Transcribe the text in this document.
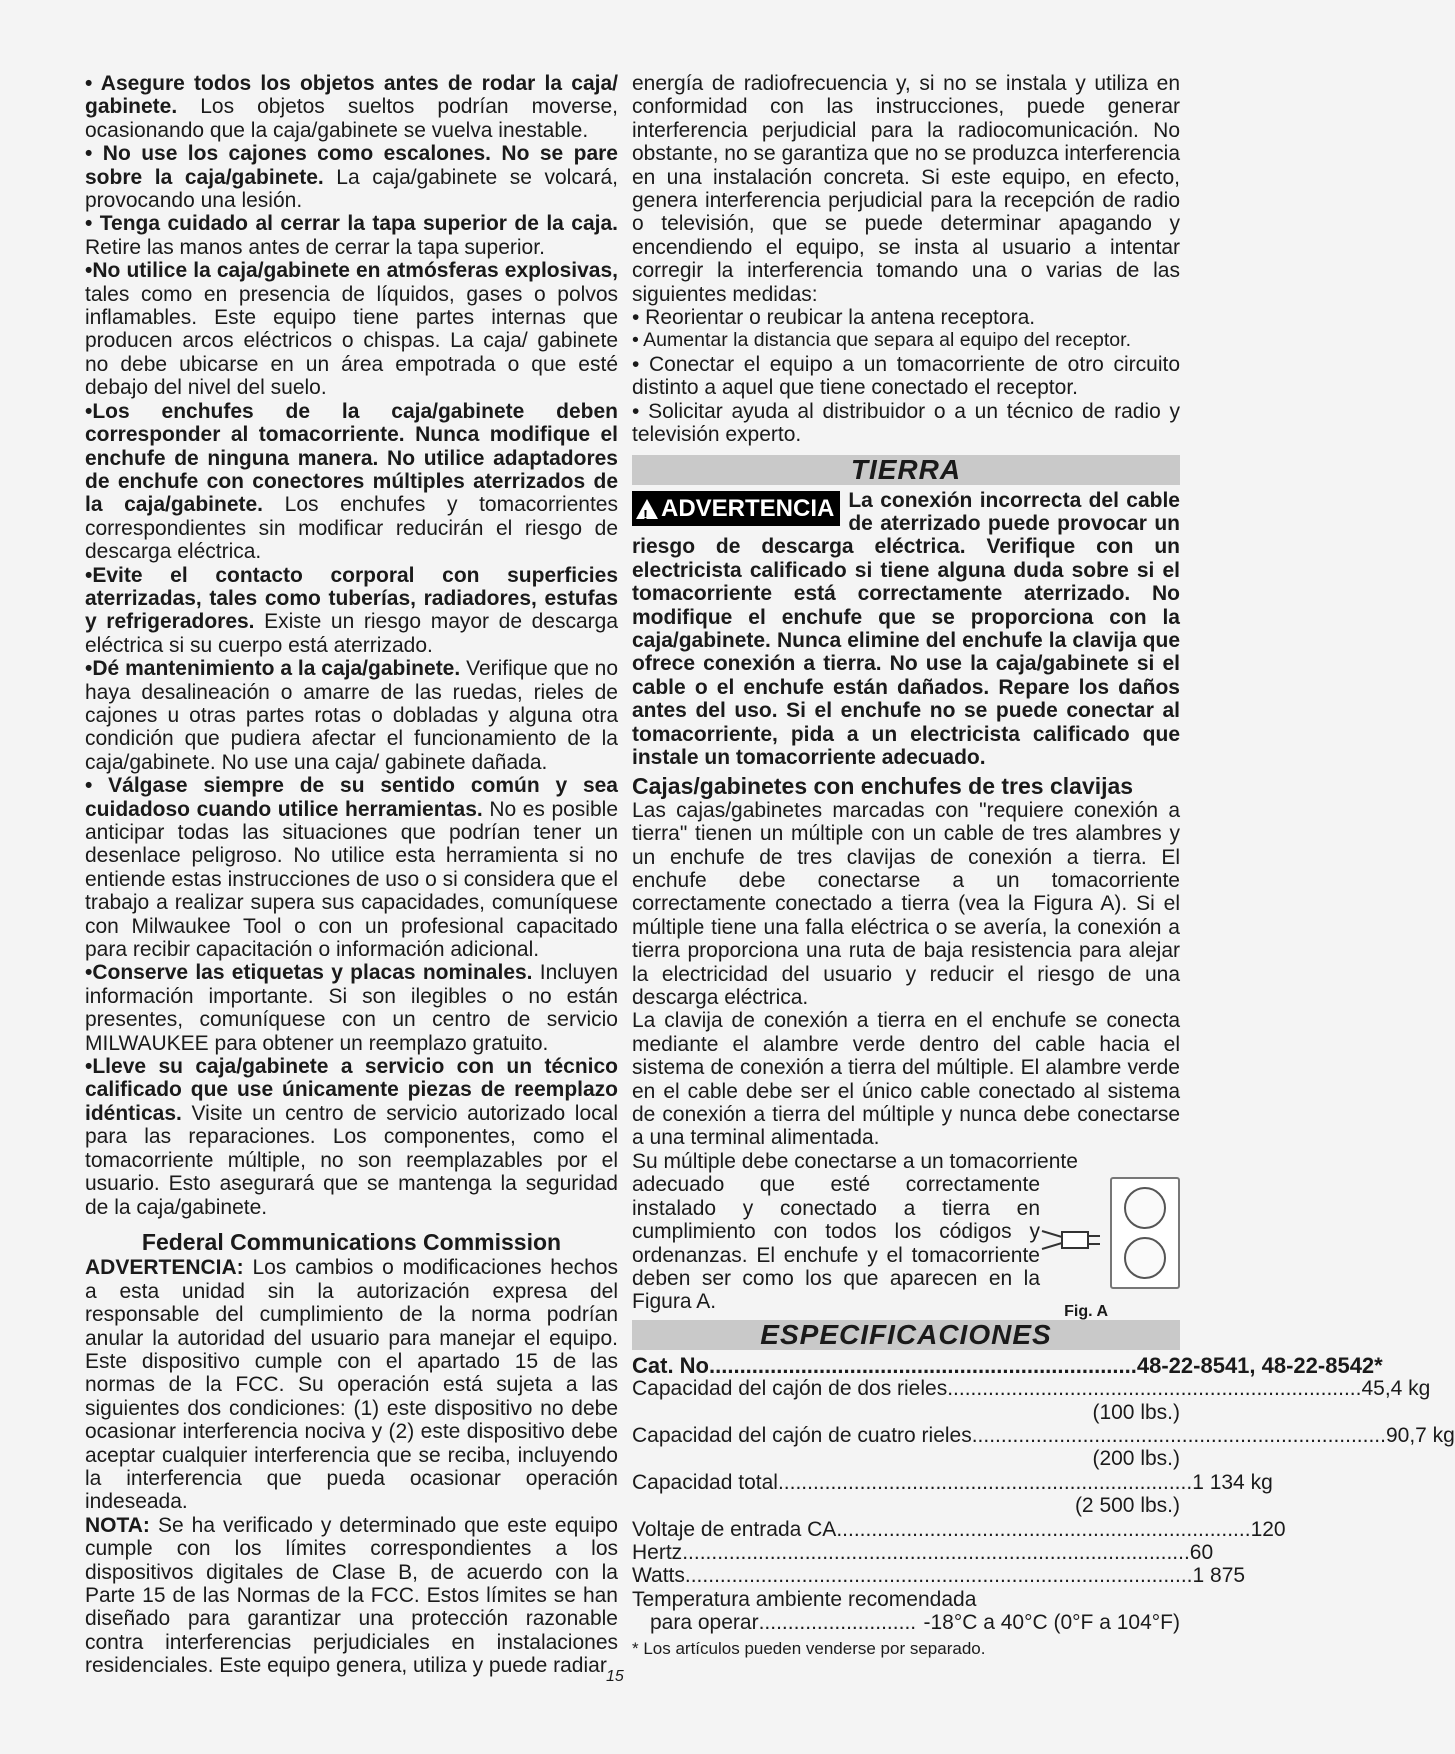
• Asegure todos los objetos antes de rodar la caja/ gabinete. Los objetos sueltos podrían moverse, ocasionando que la caja/gabinete se vuelva inestable.

• No use los cajones como escalones. No se pare sobre la caja/gabinete. La caja/gabinete se volcará, provocando una lesión.

• Tenga cuidado al cerrar la tapa superior de la caja. Retire las manos antes de cerrar la tapa superior.

•No utilice la caja/gabinete en atmósferas explosivas, tales como en presencia de líquidos, gases o polvos inflamables. Este equipo tiene partes internas que producen arcos eléctricos o chispas. La caja/ gabinete no debe ubicarse en un área empotrada o que esté debajo del nivel del suelo.

•Los enchufes de la caja/gabinete deben corresponder al tomacorriente. Nunca modifique el enchufe de ninguna manera. No utilice adaptadores de enchufe con conectores múltiples aterrizados de la caja/gabinete. Los enchufes y tomacorrientes correspondientes sin modificar reducirán el riesgo de descarga eléctrica.

•Evite el contacto corporal con superficies aterrizadas, tales como tuberías, radiadores, estufas y refrigeradores. Existe un riesgo mayor de descarga eléctrica si su cuerpo está aterrizado.

•Dé mantenimiento a la caja/gabinete. Verifique que no haya desalineación o amarre de las ruedas, rieles de cajones u otras partes rotas o dobladas y alguna otra condición que pudiera afectar el funcionamiento de la caja/gabinete. No use una caja/ gabinete dañada.

• Válgase siempre de su sentido común y sea cuidadoso cuando utilice herramientas. No es posible anticipar todas las situaciones que podrían tener un desenlace peligroso. No utilice esta herramienta si no entiende estas instrucciones de uso o si considera que el trabajo a realizar supera sus capacidades, comuníquese con Milwaukee Tool o con un profesional capacitado para recibir capacitación o información adicional.

•Conserve las etiquetas y placas nominales. Incluyen información importante. Si son ilegibles o no están presentes, comuníquese con un centro de servicio MILWAUKEE para obtener un reemplazo gratuito.

•Lleve su caja/gabinete a servicio con un técnico calificado que use únicamente piezas de reemplazo idénticas. Visite un centro de servicio autorizado local para las reparaciones. Los componentes, como el tomacorriente múltiple, no son reemplazables por el usuario. Esto asegurará que se mantenga la seguridad de la caja/gabinete.

Federal Communications Commission

ADVERTENCIA: Los cambios o modificaciones hechos a esta unidad sin la autorización expresa del responsable del cumplimiento de la norma podrían anular la autoridad del usuario para manejar el equipo. Este dispositivo cumple con el apartado 15 de las normas de la FCC. Su operación está sujeta a las siguientes dos condiciones: (1) este dispositivo no debe ocasionar interferencia nociva y (2) este dispositivo debe aceptar cualquier interferencia que se reciba, incluyendo la interferencia que pueda ocasionar operación indeseada.

NOTA: Se ha verificado y determinado que este equipo cumple con los límites correspondientes a los dispositivos digitales de Clase B, de acuerdo con la Parte 15 de las Normas de la FCC. Estos límites se han diseñado para garantizar una protección razonable contra interferencias perjudiciales en instalaciones residenciales. Este equipo genera, utiliza y puede radiar

energía de radiofrecuencia y, si no se instala y utiliza en conformidad con las instrucciones, puede generar interferencia perjudicial para la radiocomunicación. No obstante, no se garantiza que no se produzca interferencia en una instalación concreta. Si este equipo, en efecto, genera interferencia perjudicial para la recepción de radio o televisión, que se puede determinar apagando y encendiendo el equipo, se insta al usuario a intentar corregir la interferencia tomando una o varias de las siguientes medidas:

• Reorientar o reubicar la antena receptora.

• Aumentar la distancia que separa al equipo del receptor.

• Conectar el equipo a un tomacorriente de otro circuito distinto a aquel que tiene conectado el receptor.

• Solicitar ayuda al distribuidor o a un técnico de radio y televisión experto.

TIERRA

! ADVERTENCIA La conexión incorrecta del cable de aterrizado puede provocar un riesgo de descarga eléctrica. Verifique con un electricista calificado si tiene alguna duda sobre si el tomacorriente está correctamente aterrizado. No modifique el enchufe que se proporciona con la caja/gabinete. Nunca elimine del enchufe la clavija que ofrece conexión a tierra. No use la caja/gabinete si el cable o el enchufe están dañados. Repare los daños antes del uso. Si el enchufe no se puede conectar al tomacorriente, pida a un electricista calificado que instale un tomacorriente adecuado.

Cajas/gabinetes con enchufes de tres clavijas

Las cajas/gabinetes marcadas con "requiere conexión a tierra" tienen un múltiple con un cable de tres alambres y un enchufe de tres clavijas de conexión a tierra. El enchufe debe conectarse a un tomacorriente correctamente conectado a tierra (vea la Figura A). Si el múltiple tiene una falla eléctrica o se avería, la conexión a tierra proporciona una ruta de baja resistencia para alejar la electricidad del usuario y reducir el riesgo de una descarga eléctrica.

La clavija de conexión a tierra en el enchufe se conecta mediante el alambre verde dentro del cable hacia el sistema de conexión a tierra del múltiple. El alambre verde en el cable debe ser el único cable conectado al sistema de conexión a tierra del múltiple y nunca debe conectarse a una terminal alimentada.

Su múltiple debe conectarse a un tomacorriente

adecuado que esté correctamente instalado y conectado a tierra en cumplimiento con todos los códigos y ordenanzas. El enchufe y el tomacorriente deben ser como los que aparecen en la Figura A.	Fig. A
ESPECIFICACIONES
Cat. No.. .................................................................... 48-22-8541, 48-22-8542*
Capacidad del cajón de dos rieles ....................................................................... 45,4 kg
(100 lbs.)
Capacidad del cajón de cuatro rieles ....................................................................... 90,7 kg
(200 lbs.)
Capacidad total ....................................................................... 1 134 kg
(2 500 lbs.)
Voltaje de entrada CA ....................................................................... 120
Hertz ....................................................................................... 60
Watts ....................................................................................... 1 875
Temperatura ambiente recomendada
para operar ........................... -18°C a 40°C (0°F a 104°F)
* Los artículos pueden venderse por separado.
15
